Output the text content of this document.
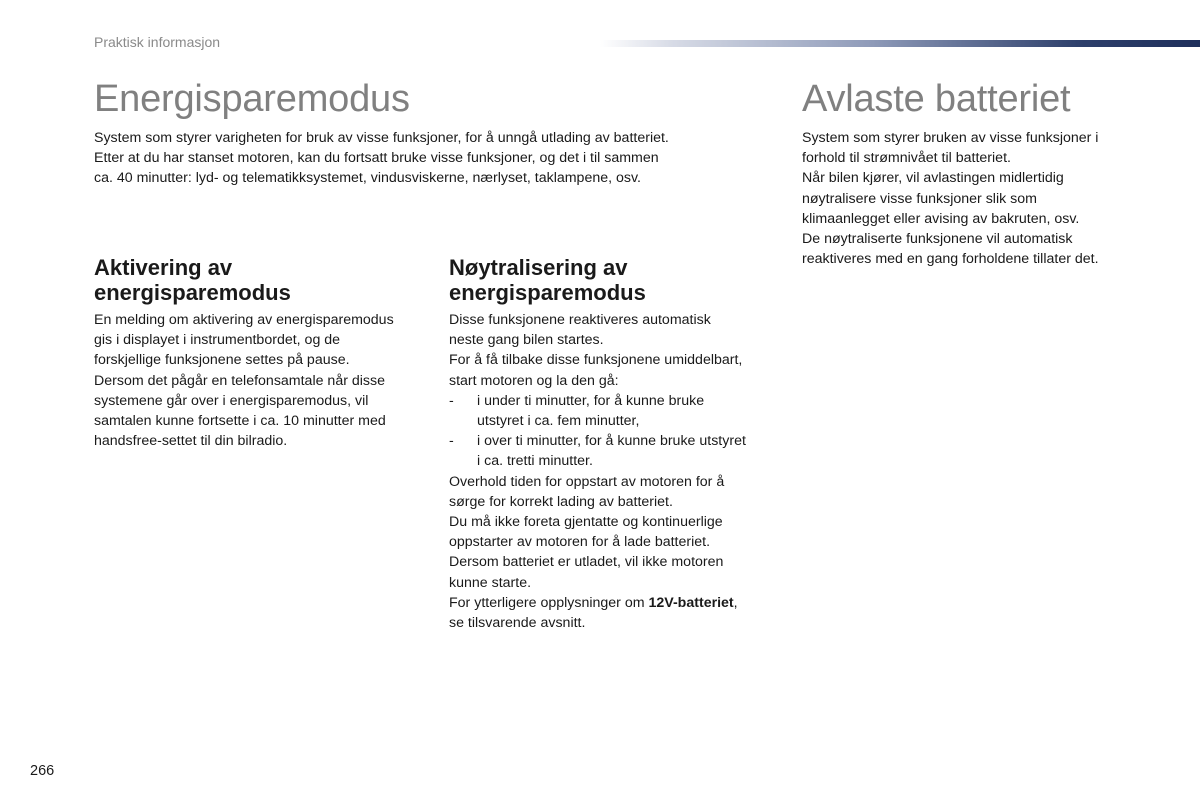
Praktisk informasjon
Energisparemodus

System som styrer varigheten for bruk av visse funksjoner, for å unngå utlading av batteriet.
Etter at du har stanset motoren, kan du fortsatt bruke visse funksjoner, og det i til sammen
ca. 40 minutter: lyd- og telematikksystemet, vindusviskerne, nærlyset, taklampene, osv.

Aktivering av
energisparemodus

En melding om aktivering av energisparemodus
gis i displayet i instrumentbordet, og de
forskjellige funksjonene settes på pause.
Dersom det pågår en telefonsamtale når disse
systemene går over i energisparemodus, vil
samtalen kunne fortsette i ca. 10 minutter med
handsfree-settet til din bilradio.

Nøytralisering av
energisparemodus
Disse funksjonene reaktiveres automatisk
neste gang bilen startes.
For å få tilbake disse funksjonene umiddelbart,
start motoren og la den gå:
- i under ti minutter, for å kunne bruke
utstyret i ca. fem minutter,
- i over ti minutter, for å kunne bruke utstyret
i ca. tretti minutter.
Overhold tiden for oppstart av motoren for å
sørge for korrekt lading av batteriet.
Du må ikke foreta gjentatte og kontinuerlige
oppstarter av motoren for å lade batteriet.
Dersom batteriet er utladet, vil ikke motoren
kunne starte.
For ytterligere opplysninger om 12V-batteriet,
se tilsvarende avsnitt.
Avlaste batteriet

System som styrer bruken av visse funksjoner i
forhold til strømnivået til batteriet.
Når bilen kjører, vil avlastingen midlertidig
nøytralisere visse funksjoner slik som
klimaanlegget eller avising av bakruten, osv.
De nøytraliserte funksjonene vil automatisk
reaktiveres med en gang forholdene tillater det.

266
